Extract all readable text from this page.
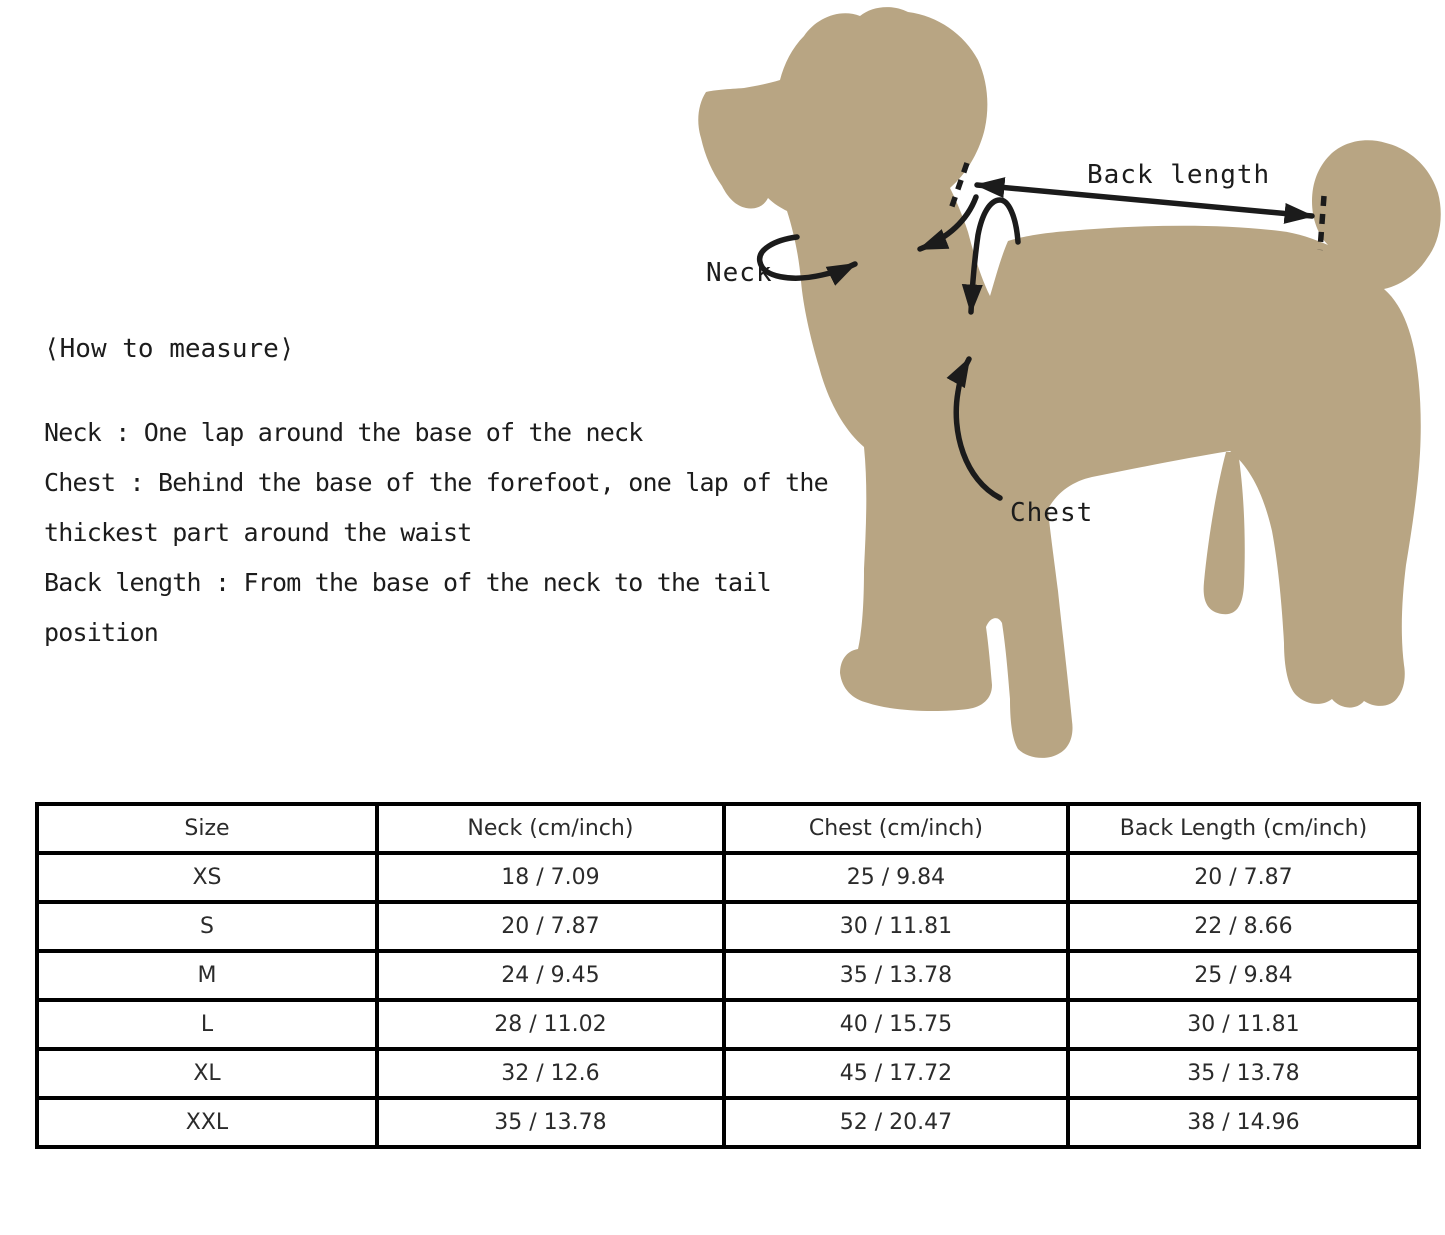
Neck
Back length
Chest
⟨How to measure⟩
Neck : One lap around the base of the neck
Chest : Behind the base of the forefoot, one lap of the
thickest part around the waist
Back length : From the base of the neck to the tail
position
Size	Neck (cm/inch)	Chest (cm/inch)	Back Length (cm/inch)
XS	18 / 7.09	25 / 9.84	20 / 7.87
S	20 / 7.87	30 / 11.81	22 / 8.66
M	24 / 9.45	35 / 13.78	25 / 9.84
L	28 / 11.02	40 / 15.75	30 / 11.81
XL	32 / 12.6	45 / 17.72	35 / 13.78
XXL	35 / 13.78	52 / 20.47	38 / 14.96
